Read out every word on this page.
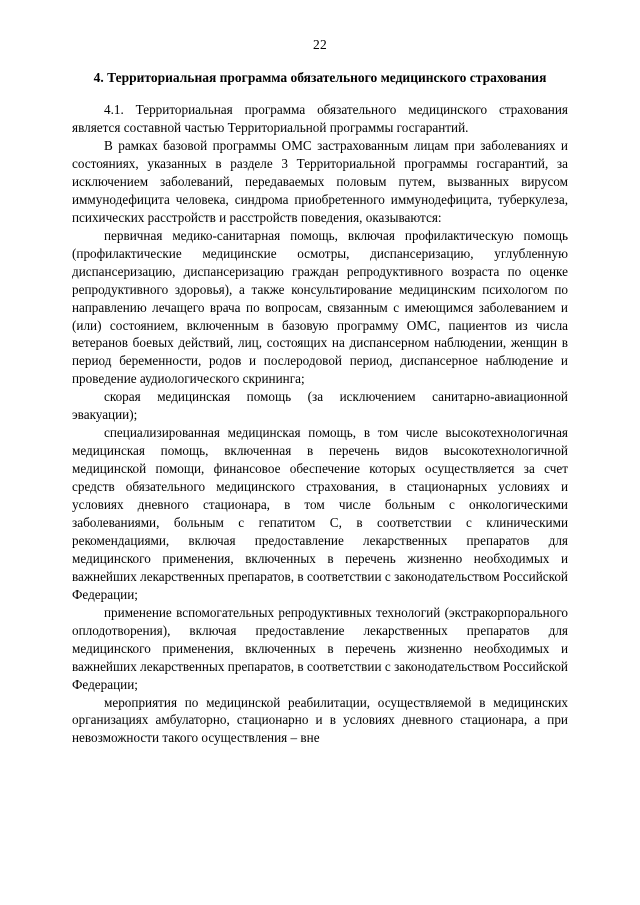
22
4. Территориальная программа обязательного медицинского страхования

4.1. Территориальная программа обязательного медицинского страхования является составной частью Территориальной программы госгарантий.

В рамках базовой программы ОМС застрахованным лицам при заболеваниях и состояниях, указанных в разделе 3 Территориальной программы госгарантий, за исключением заболеваний, передаваемых половым путем, вызванных вирусом иммунодефицита человека, синдрома приобретенного иммунодефицита, туберкулеза, психических расстройств и расстройств поведения, оказываются:

первичная медико-санитарная помощь, включая профилактическую помощь (профилактические медицинские осмотры, диспансеризацию, углубленную диспансеризацию, диспансеризацию граждан репродуктивного возраста по оценке репродуктивного здоровья), а также консультирование медицинским психологом по направлению лечащего врача по вопросам, связанным с имеющимся заболеванием и (или) состоянием, включенным в базовую программу ОМС, пациентов из числа ветеранов боевых действий, лиц, состоящих на диспансерном наблюдении, женщин в период беременности, родов и послеродовой период, диспансерное наблюдение и проведение аудиологического скрининга;

скорая медицинская помощь (за исключением санитарно-авиационной эвакуации);

специализированная медицинская помощь, в том числе высокотехнологичная медицинская помощь, включенная в перечень видов высокотехнологичной медицинской помощи, финансовое обеспечение которых осуществляется за счет средств обязательного медицинского страхования, в стационарных условиях и условиях дневного стационара, в том числе больным с онкологическими заболеваниями, больным с гепатитом С, в соответствии с клиническими рекомендациями, включая предоставление лекарственных препаратов для медицинского применения, включенных в перечень жизненно необходимых и важнейших лекарственных препаратов, в соответствии с законодательством Российской Федерации;

применение вспомогательных репродуктивных технологий (экстракорпорального оплодотворения), включая предоставление лекарственных препаратов для медицинского применения, включенных в перечень жизненно необходимых и важнейших лекарственных препаратов, в соответствии с законодательством Российской Федерации;

мероприятия по медицинской реабилитации, осуществляемой в медицинских организациях амбулаторно, стационарно и в условиях дневного стационара, а при невозможности такого осуществления – вне
